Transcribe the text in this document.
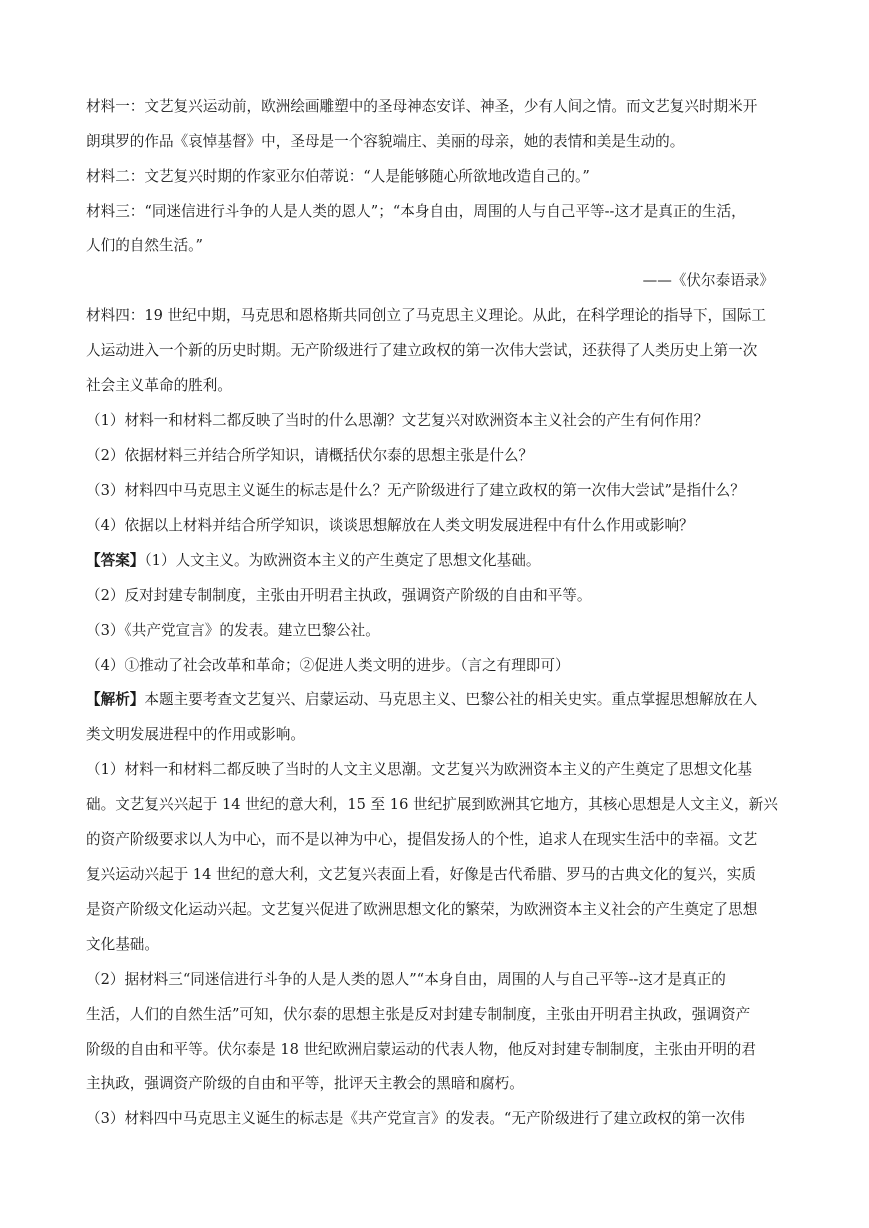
材料一：文艺复兴运动前，欧洲绘画雕塑中的圣母神态安详、神圣，少有人间之情。而文艺复兴时期米开
朗琪罗的作品《哀悼基督》中，圣母是一个容貌端庄、美丽的母亲，她的表情和美是生动的。
材料二：文艺复兴时期的作家亚尔伯蒂说：“人是能够随心所欲地改造自己的。”
材料三：“同迷信进行斗争的人是人类的恩人”；“本身自由，周围的人与自己平等--这才是真正的生活，
人们的自然生活。”
——《伏尔泰语录》
材料四：19 世纪中期，马克思和恩格斯共同创立了马克思主义理论。从此，在科学理论的指导下，国际工
人运动进入一个新的历史时期。无产阶级进行了建立政权的第一次伟大尝试，还获得了人类历史上第一次
社会主义革命的胜利。
（1）材料一和材料二都反映了当时的什么思潮？文艺复兴对欧洲资本主义社会的产生有何作用？
（2）依据材料三并结合所学知识，请概括伏尔泰的思想主张是什么？
（3）材料四中马克思主义诞生的标志是什么？无产阶级进行了建立政权的第一次伟大尝试”是指什么？
（4）依据以上材料并结合所学知识，谈谈思想解放在人类文明发展进程中有什么作用或影响？
【答案】（1）人文主义。为欧洲资本主义的产生奠定了思想文化基础。
（2）反对封建专制制度，主张由开明君主执政，强调资产阶级的自由和平等。
（3）《共产党宣言》的发表。建立巴黎公社。
（4）①推动了社会改革和革命；②促进人类文明的进步。（言之有理即可）
【解析】本题主要考查文艺复兴、启蒙运动、马克思主义、巴黎公社的相关史实。重点掌握思想解放在人
类文明发展进程中的作用或影响。
（1）材料一和材料二都反映了当时的人文主义思潮。文艺复兴为欧洲资本主义的产生奠定了思想文化基
础。文艺复兴兴起于 14 世纪的意大利，15 至 16 世纪扩展到欧洲其它地方，其核心思想是人文主义，新兴
的资产阶级要求以人为中心，而不是以神为中心，提倡发扬人的个性，追求人在现实生活中的幸福。文艺
复兴运动兴起于 14 世纪的意大利，文艺复兴表面上看，好像是古代希腊、罗马的古典文化的复兴，实质
是资产阶级文化运动兴起。文艺复兴促进了欧洲思想文化的繁荣，为欧洲资本主义社会的产生奠定了思想
文化基础。
（2）据材料三“同迷信进行斗争的人是人类的恩人”“本身自由，周围的人与自己平等--这才是真正的
生活，人们的自然生活”可知，伏尔泰的思想主张是反对封建专制制度，主张由开明君主执政，强调资产
阶级的自由和平等。伏尔泰是 18 世纪欧洲启蒙运动的代表人物，他反对封建专制制度，主张由开明的君
主执政，强调资产阶级的自由和平等，批评天主教会的黑暗和腐朽。
（3）材料四中马克思主义诞生的标志是《共产党宣言》的发表。“无产阶级进行了建立政权的第一次伟
